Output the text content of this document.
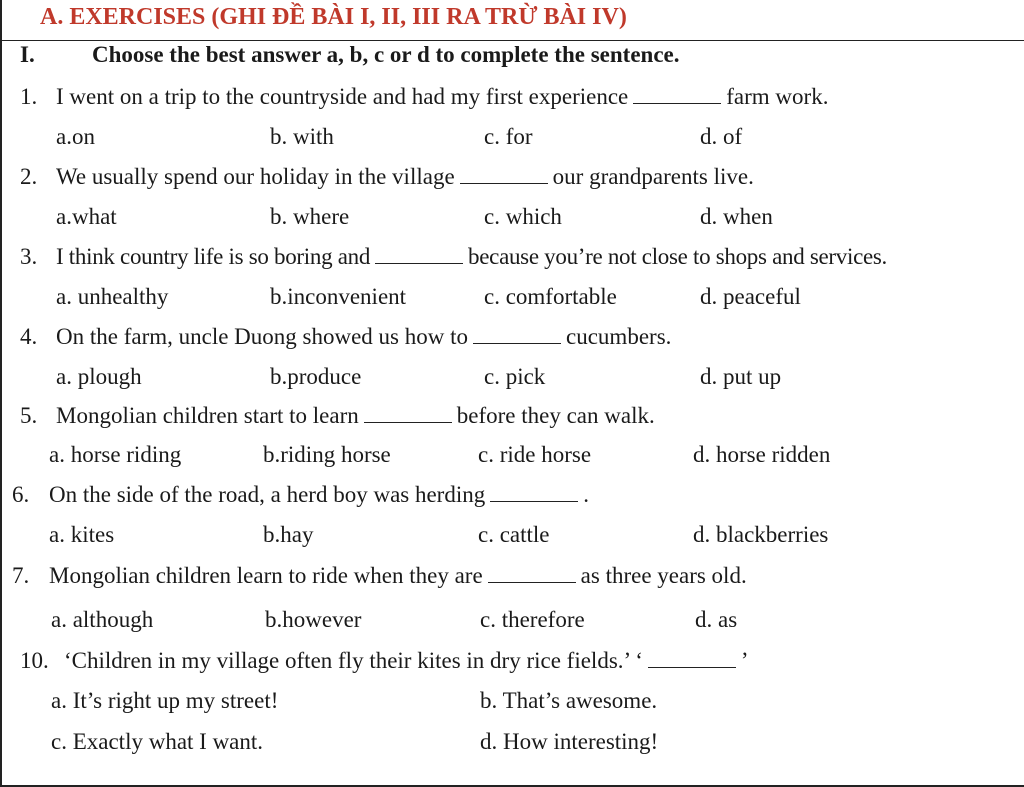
A. EXERCISES (GHI ĐỀ BÀI I, II, III RA TRỪ BÀI IV)
I. Choose the best answer a, b, c or d to complete the sentence.
1. I went on a trip to the countryside and had my first experience	farm work.
a.on	b. with	c. for	d. of
2. We usually spend our holiday in the village	our grandparents live.
a.what	b. where	c. which	d. when
3. I think country life is so boring and	because you’re not close to shops and services.
a. unhealthy	b.inconvenient	c. comfortable	d. peaceful
4. On the farm, uncle Duong showed us how to	cucumbers.
a. plough	b.produce	c. pick	d. put up
5. Mongolian children start to learn	before they can walk.
a. horse riding	b.riding horse	c. ride horse	d. horse ridden
6. On the side of the road, a herd boy was herding	.
a. kites	b.hay	c. cattle	d. blackberries
7. Mongolian children learn to ride when they are	as three years old.
a. although	b.however	c. therefore	d. as
10. ‘Children in my village often fly their kites in dry rice fields.’ ‘	’
a. It’s right up my street!	b. That’s awesome.
c. Exactly what I want.	d. How interesting!
